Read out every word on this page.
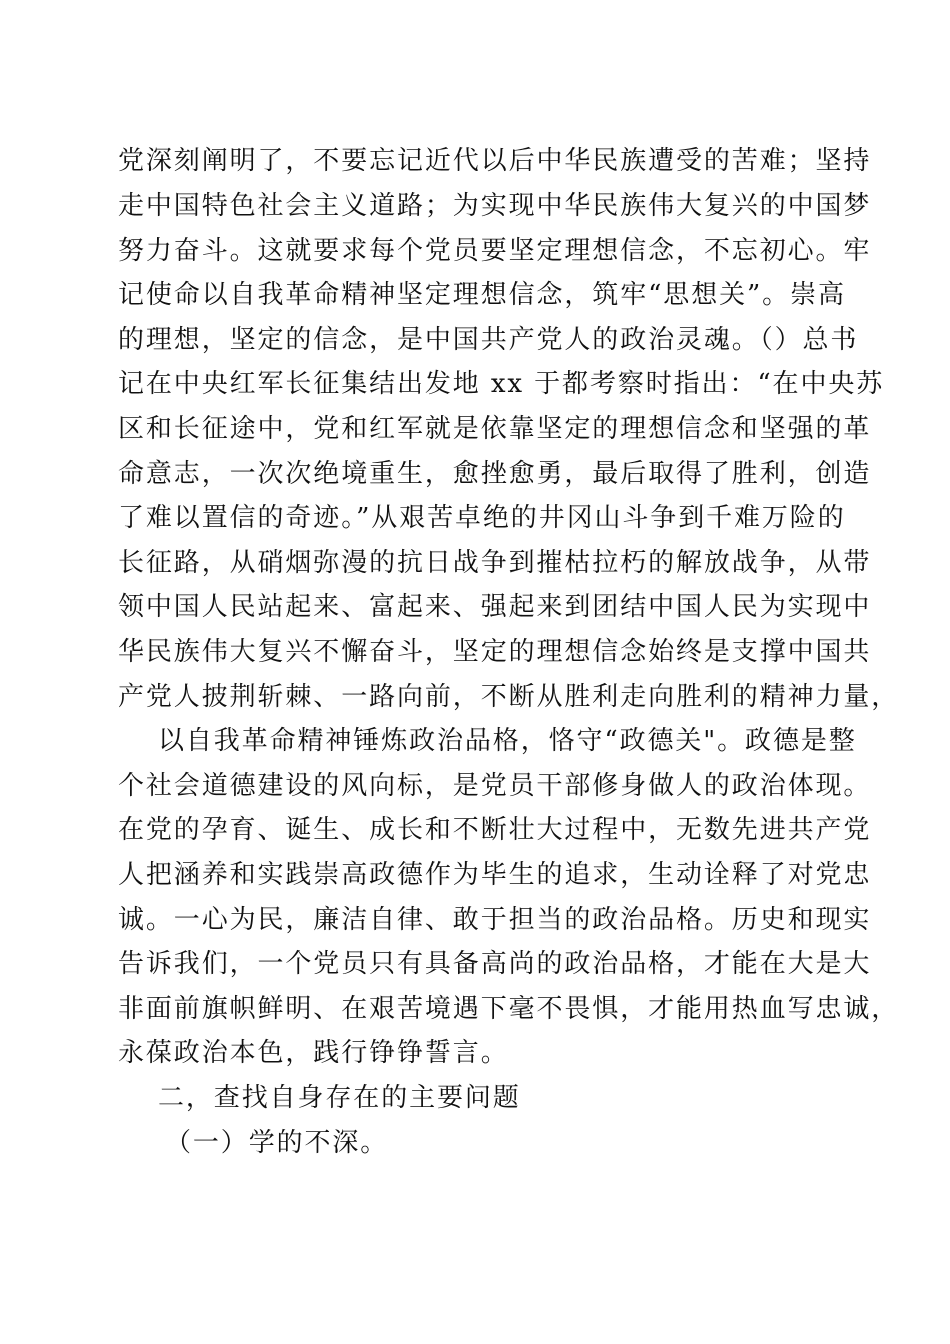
党深刻阐明了，不要忘记近代以后中华民族遭受的苦难；坚持
走中国特色社会主义道路；为实现中华民族伟大复兴的中国梦
努力奋斗。这就要求每个党员要坚定理想信念，不忘初心。牢
记使命以自我革命精神坚定理想信念，筑牢“思想关”。崇高
的理想，坚定的信念，是中国共产党人的政治灵魂。（）总书
记在中央红军长征集结出发地 xx 于都考察时指出：“在中央苏
区和长征途中，党和红军就是依靠坚定的理想信念和坚强的革
命意志，一次次绝境重生，愈挫愈勇，最后取得了胜利，创造
了难以置信的奇迹。”从艰苦卓绝的井冈山斗争到千难万险的
长征路，从硝烟弥漫的抗日战争到摧枯拉朽的解放战争，从带
领中国人民站起来、富起来、强起来到团结中国人民为实现中
华民族伟大复兴不懈奋斗，坚定的理想信念始终是支撑中国共
产党人披荆斩棘、一路向前，不断从胜利走向胜利的精神力量，
以自我革命精神锤炼政治品格，恪守“政德关"。政德是整
个社会道德建设的风向标，是党员干部修身做人的政治体现。
在党的孕育、诞生、成长和不断壮大过程中，无数先进共产党
人把涵养和实践崇高政德作为毕生的追求，生动诠释了对党忠
诚。一心为民，廉洁自律、敢于担当的政治品格。历史和现实
告诉我们，一个党员只有具备高尚的政治品格，才能在大是大
非面前旗帜鲜明、在艰苦境遇下毫不畏惧，才能用热血写忠诚，
永葆政治本色，践行铮铮誓言。
二，查找自身存在的主要问题
（一）学的不深。
